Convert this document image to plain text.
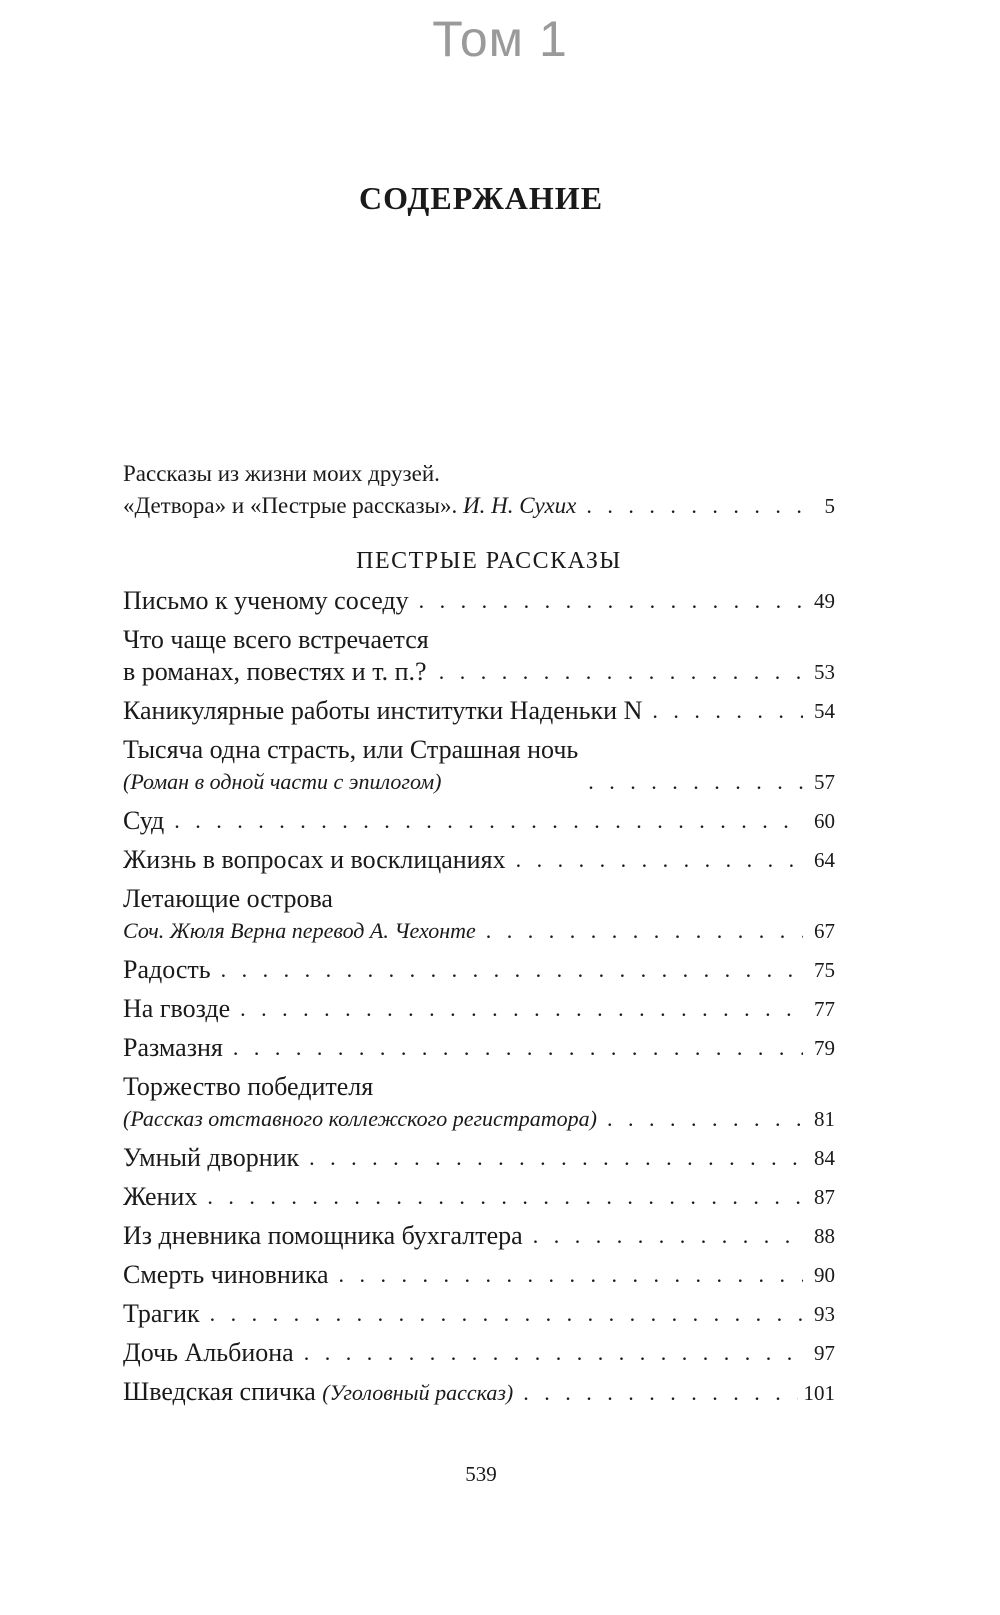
Том 1
СОДЕРЖАНИЕ
Рассказы из жизни моих друзей.
«Детвора» и «Пестрые рассказы». И. Н. Сухих . . .	5
ПЕСТРЫЕ РАССКАЗЫ
Письмо к ученому соседу . . .	49
Что чаще всего встречается
в романах, повестях и т. п.? . . .	53
Каникулярные работы институтки Наденьки N . . .	54
Тысяча одна страсть, или Страшная ночь
(Роман в одной части с эпилогом) . . .	57
Суд . . .	60
Жизнь в вопросах и восклицаниях . . .	64
Летающие острова
Соч. Жюля Верна перевод А. Чехонте . . .	67
Радость . . .	75
На гвозде . . .	77
Размазня . . .	79
Торжество победителя
(Рассказ отставного коллежского регистратора) . . .	81
Умный дворник . . .	84
Жених . . .	87
Из дневника помощника бухгалтера . . .	88
Смерть чиновника . . .	90
Трагик . . .	93
Дочь Альбиона . . .	97
Шведская спичка (Уголовный рассказ) . . .	101
539
